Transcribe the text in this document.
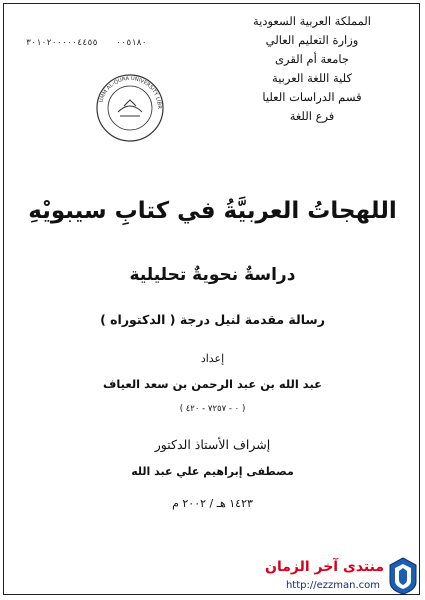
المملكة العربية السعودية
وزارة التعليم العالي
جامعة أم القرى
كلية اللغة العربية
قسم الدراسات العليا
فرع اللغة
٣٠١٠٢٠٠٠٠٠٤٤٥٥ ٠٠٥١٨٠
UMM AL-QURA UNIVERSITY LIBR
اللهجاتُ العربيَّةُ في كتابِ سيبويْهِ
دراسةٌ نحويةٌ تحليلية
رسالة مقدمة لنيل درجة ( الدكتوراه )
إعداد
عبد الله بن عبد الرحمن بن سعد العياف
( ٠ - ٧٢٥٧ - ٤٢٠ )
إشراف الأستاذ الدكتور
مصطفى إبراهيم علي عبد الله
١٤٢٣ هـ / ٢٠٠٢ م
منتدى آخر الزمان
http://ezzman.com
